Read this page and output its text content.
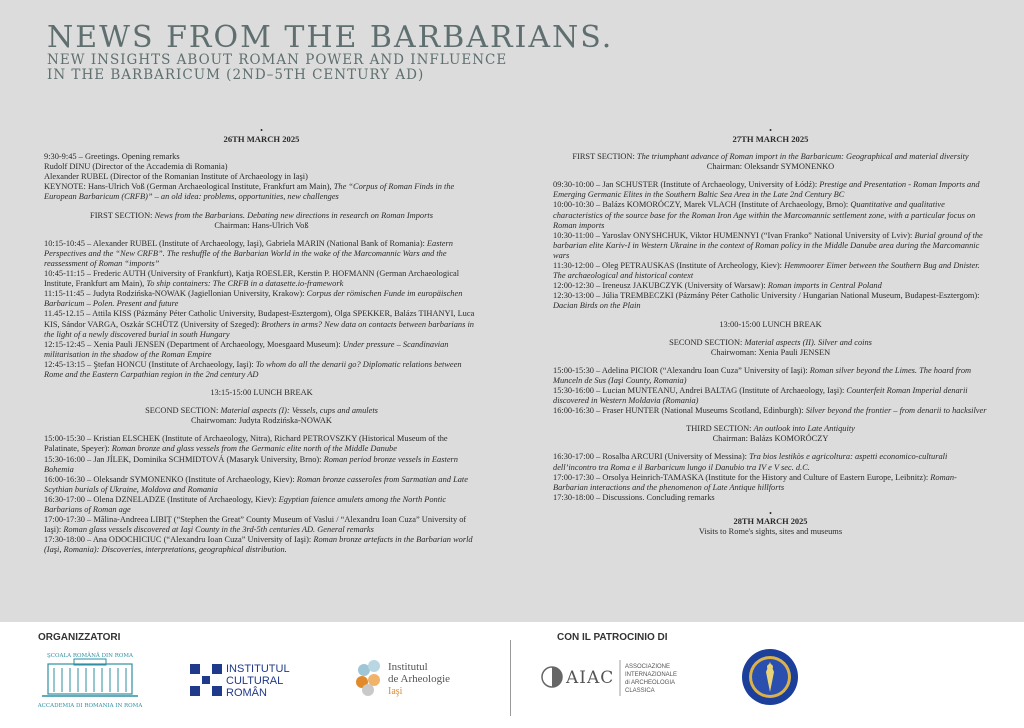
NEWS FROM THE BARBARIANS.
NEW INSIGHTS ABOUT ROMAN POWER AND INFLUENCE
IN THE BARBARICUM (2ND–5TH CENTURY AD)
•
26TH MARCH 2025

9:30-9:45 – Greetings. Opening remarks

Rudolf DINU (Director of the Accademia di Romania)

Alexander RUBEL (Director of the Romanian Institute of Archaeology in Iaşi)

KEYNOTE: Hans-Ulrich Voß (German Archaeological Institute, Frankfurt am Main), The “Corpus of Roman Finds in the European Barbaricum (CRFB)” – an old idea: problems, opportunities, new challenges

FIRST SECTION: News from the Barbarians. Debating new directions in research on Roman Imports

Chairman: Hans-Ulrich Voß

10:15-10:45 – Alexander RUBEL (Institute of Archaeology, Iaşi), Gabriela MARIN (National Bank of Romania): Eastern Perspectives and the “New CRFB”. The reshuffle of the Barbarian World in the wake of the Marcomannic Wars and the reassessment of Roman “imports”

10:45-11:15 – Frederic AUTH (University of Frankfurt), Katja ROESLER, Kerstin P. HOFMANN (German Archaeological Institute, Frankfurt am Main), To ship containers: The CRFB in a datasette.io-framework

11:15-11:45 – Judyta Rodzińska-NOWAK (Jagiellonian University, Krakow): Corpus der römischen Funde im europäischen Barbaricum – Polen. Present and future

11.45-12.15 – Attila KISS (Pázmány Péter Catholic University, Budapest-Esztergom), Olga SPEKKER, Balázs TIHANYI, Luca KIS, Sándor VARGA, Oszkár SCHÜTZ (University of Szeged): Brothers in arms? New data on contacts between barbarians in the light of a newly discovered burial in south Hungary

12:15-12:45 – Xenia Pauli JENSEN (Department of Archaeology, Moesgaard Museum): Under pressure – Scandinavian militarisation in the shadow of the Roman Empire

12:45-13:15 – Ştefan HONCU (Institute of Archaeology, Iaşi): To whom do all the denarii go? Diplomatic relations between Rome and the Eastern Carpathian region in the 2nd century AD

13:15-15:00 LUNCH BREAK

SECOND SECTION: Material aspects (I): Vessels, cups and amulets

Chairwoman: Judyta Rodzińska-NOWAK

15:00-15:30 – Kristian ELSCHEK (Institute of Archaeology, Nitra), Richard PETROVSZKY (Historical Museum of the Palatinate, Speyer): Roman bronze and glass vessels from the Germanic elite north of the Middle Danube

15:30-16:00 – Jan JÍLEK, Dominika SCHMIDTOVÁ (Masaryk University, Brno): Roman period bronze vessels in Eastern Bohemia

16:00-16:30 – Oleksandr SYMONENKO (Institute of Archaeology, Kiev): Roman bronze casseroles from Sarmatian and Late Scythian burials of Ukraine, Moldova and Romania

16:30-17:00 – Olena DZNELADZE (Institute of Archaeology, Kiev): Egyptian faience amulets among the North Pontic Barbarians of Roman age

17:00-17:30 – Mălina-Andreea LIBIȚ (“Stephen the Great” County Museum of Vaslui / “Alexandru Ioan Cuza” University of Iaşi): Roman glass vessels discovered at Iaşi County in the 3rd-5th centuries AD. General remarks

17:30-18:00 – Ana ODOCHICIUC (“Alexandru Ioan Cuza” University of Iaşi): Roman bronze artefacts in the Barbarian world (Iaşi, Romania): Discoveries, interpretations, geographical distribution.

•
27TH MARCH 2025

FIRST SECTION: The triumphant advance of Roman import in the Barbaricum: Geographical and material diversity

Chairman: Oleksandr SYMONENKO

09:30-10:00 – Jan SCHUSTER (Institute of Archaeology, University of Łódź): Prestige and Presentation - Roman Imports and Emerging Germanic Elites in the Southern Baltic Sea Area in the Late 2nd Century BC

10:00-10:30 – Balázs KOMORÓCZY, Marek VLACH (Institute of Archaeology, Brno): Quantitative and qualitative characteristics of the source base for the Roman Iron Age within the Marcomannic settlement zone, with a particular focus on Roman imports

10:30-11:00 – Yaroslav ONYSHCHUK, Viktor HUMENNYI (“Ivan Franko” National University of Lviv): Burial ground of the barbarian elite Kariv-I in Western Ukraine in the context of Roman policy in the Middle Danube area during the Marcomannic wars

11:30-12:00 – Oleg PETRAUSKAS (Institute of Archeology, Kiev): Hemmoorer Eimer between the Southern Bug and Dnister. The archaeological and historical context

12:00-12:30 – Ireneusz JAKUBCZYK (University of Warsaw): Roman imports in Central Poland

12:30-13:00 – Júlia TREMBECZKI (Pázmány Péter Catholic University / Hungarian National Museum, Budapest-Esztergom): Dacian Birds on the Plain

13:00-15:00 LUNCH BREAK

SECOND SECTION: Material aspects (II). Silver and coins

Chairwoman: Xenia Pauli JENSEN

15:00-15:30 – Adelina PICIOR (“Alexandru Ioan Cuza” University of Iaşi): Roman silver beyond the Limes. The hoard from Munceln de Sus (Iaşi County, Romania)

15:30-16:00 – Lucian MUNTEANU, Andrei BALTAG (Institute of Archaeology, Iaşi): Counterfeit Roman Imperial denarii discovered in Western Moldavia (Romania)

16:00-16:30 – Fraser HUNTER (National Museums Scotland, Edinburgh): Silver beyond the frontier – from denarii to hacksilver

THIRD SECTION: An outlook into Late Antiquity

Chairman: Balázs KOMORÓCZY

16:30-17:00 – Rosalba ARCURI (University of Messina): Tra bios lestikòs e agricoltura: aspetti economico-culturali dell’incontro tra Roma e il Barbaricum lungo il Danubio tra IV e V sec. d.C.

17:00-17:30 – Orsolya Heinrich-TAMASKA (Institute for the History and Culture of Eastern Europe, Leibnitz): Roman-Barbarian interactions and the phenomenon of Late Antique hillforts

17:30-18:00 – Discussions. Concluding remarks

•

28TH MARCH 2025

Visits to Rome's sights, sites and museums

ORGANIZZATORI	CON IL PATROCINIO DI
ŞCOALA ROMÂNĂ DIN ROMA
ACCADEMIA DI ROMANIA IN ROMA
INSTITUTUL
CULTURAL
ROMÂN
Institutul
de Arheologie
Iaşi
AIAC
ASSOCIAZIONE
INTERNAZIONALE
di ARCHEOLOGIA
CLASSICA
